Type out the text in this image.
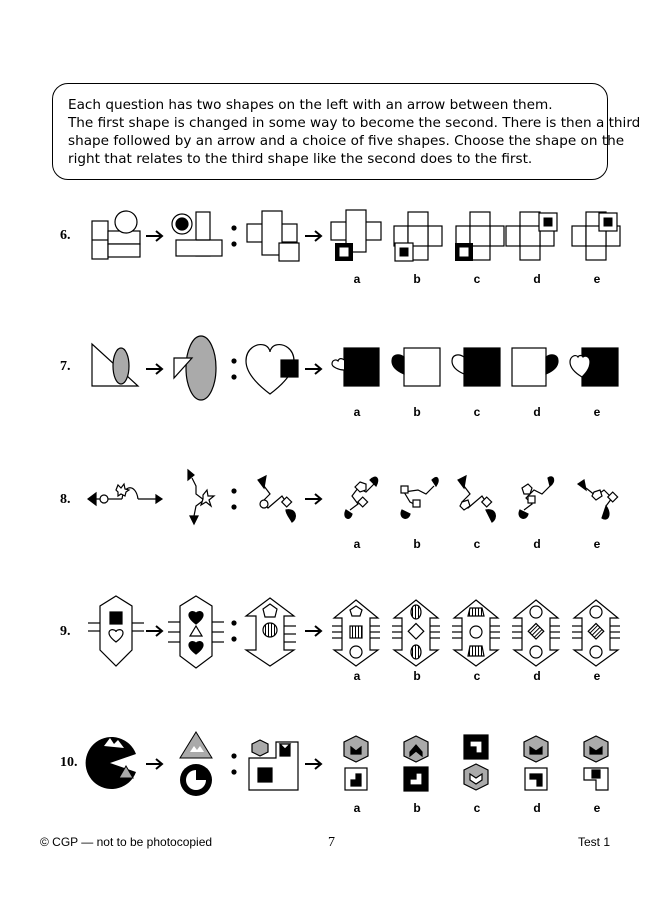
Each question has two shapes on the left with an arrow between them.
The first shape is changed in some way to become the second. There is then a third
shape followed by an arrow and a choice of five shapes. Choose the shape on the
right that relates to the third shape like the second does to the first.
6.
7.
8.
9.
10.
a	b	c	d	e
a	b	c	d	e
a	b	c	d	e
a	b	c	d	e
a	b	c	d	e
© CGP — not to be photocopied	7	Test 1
